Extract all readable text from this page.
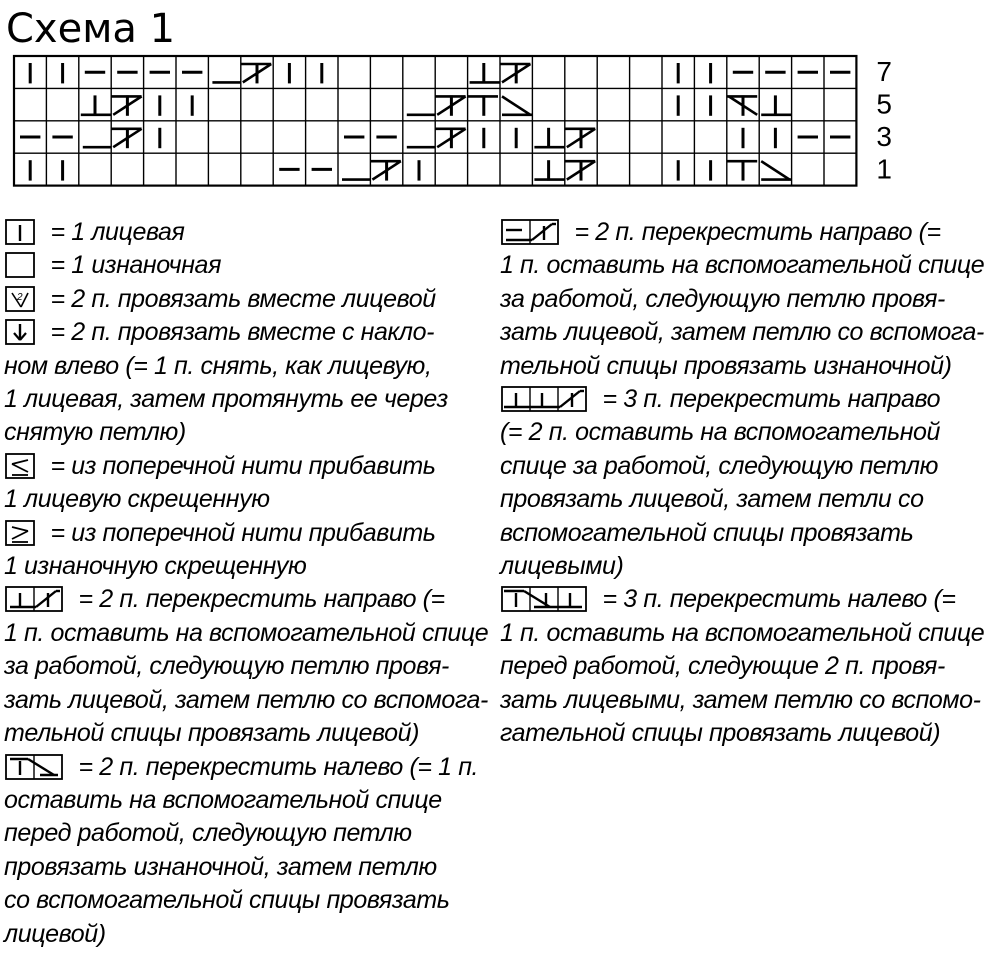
Схема 1
7
5
3
1
= 1 лицевая
= 1 изнаночная
2 = 2 п. провязать вместе лицевой
= 2 п. провязать вместе с накло-
ном влево (= 1 п. снять, как лицевую,
1 лицевая, затем протянуть ее через
снятую петлю)
= из поперечной нити прибавить
1 лицевую скрещенную
= из поперечной нити прибавить
1 изнаночную скрещенную
= 2 п. перекрестить направо (=
1 п. оставить на вспомогательной спице
за работой, следующую петлю провя-
зать лицевой, затем петлю со вспомога-
тельной спицы провязать лицевой)
= 2 п. перекрестить налево (= 1 п.
оставить на вспомогательной спице
перед работой, следующую петлю
провязать изнаночной, затем петлю
со вспомогательной спицы провязать
лицевой)
= 2 п. перекрестить направо (=
1 п. оставить на вспомогательной спице
за работой, следующую петлю провя-
зать лицевой, затем петлю со вспомога-
тельной спицы провязать изнаночной)
= 3 п. перекрестить направо
(= 2 п. оставить на вспомогательной
спице за работой, следующую петлю
провязать лицевой, затем петли со
вспомогательной спицы провязать
лицевыми)
= 3 п. перекрестить налево (=
1 п. оставить на вспомогательной спице
перед работой, следующие 2 п. провя-
зать лицевыми, затем петлю со вспомо-
гательной спицы провязать лицевой)
